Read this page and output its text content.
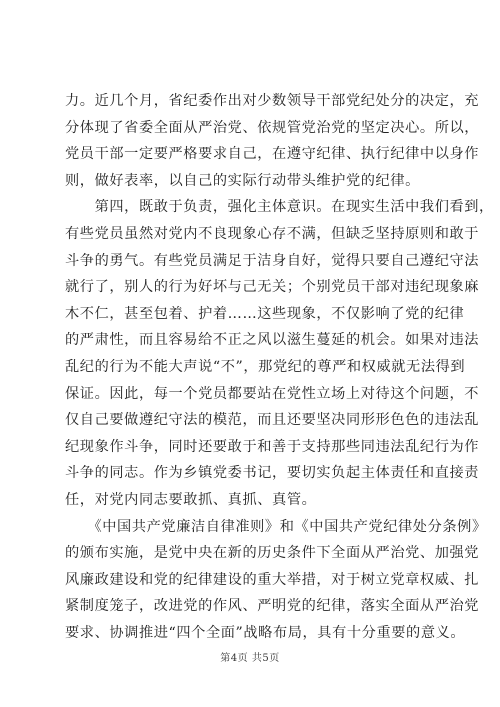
力。近几个月，省纪委作出对少数领导干部党纪处分的决定，充
分体现了省委全面从严治党、依规管党治党的坚定决心。所以，
党员干部一定要严格要求自己，在遵守纪律、执行纪律中以身作
则，做好表率，以自己的实际行动带头维护党的纪律。
　　第四，既敢于负责，强化主体意识。在现实生活中我们看到，
有些党员虽然对党内不良现象心存不满，但缺乏坚持原则和敢于
斗争的勇气。有些党员满足于洁身自好，觉得只要自己遵纪守法
就行了，别人的行为好坏与己无关；个别党员干部对违纪现象麻
木不仁，甚至包着、护着……这些现象，不仅影响了党的纪律
的严肃性，而且容易给不正之风以滋生蔓延的机会。如果对违法
乱纪的行为不能大声说“不”，那党纪的尊严和权威就无法得到
保证。因此，每一个党员都要站在党性立场上对待这个问题，不
仅自己要做遵纪守法的模范，而且还要坚决同形形色色的违法乱
纪现象作斗争，同时还要敢于和善于支持那些同违法乱纪行为作
斗争的同志。作为乡镇党委书记，要切实负起主体责任和直接责
任，对党内同志要敢抓、真抓、真管。
　　《中国共产党廉洁自律准则》和《中国共产党纪律处分条例》
的颁布实施，是党中央在新的历史条件下全面从严治党、加强党
风廉政建设和党的纪律建设的重大举措，对于树立党章权威、扎
紧制度笼子，改进党的作风、严明党的纪律，落实全面从严治党
要求、协调推进“四个全面”战略布局，具有十分重要的意义。
第4页 共5页
